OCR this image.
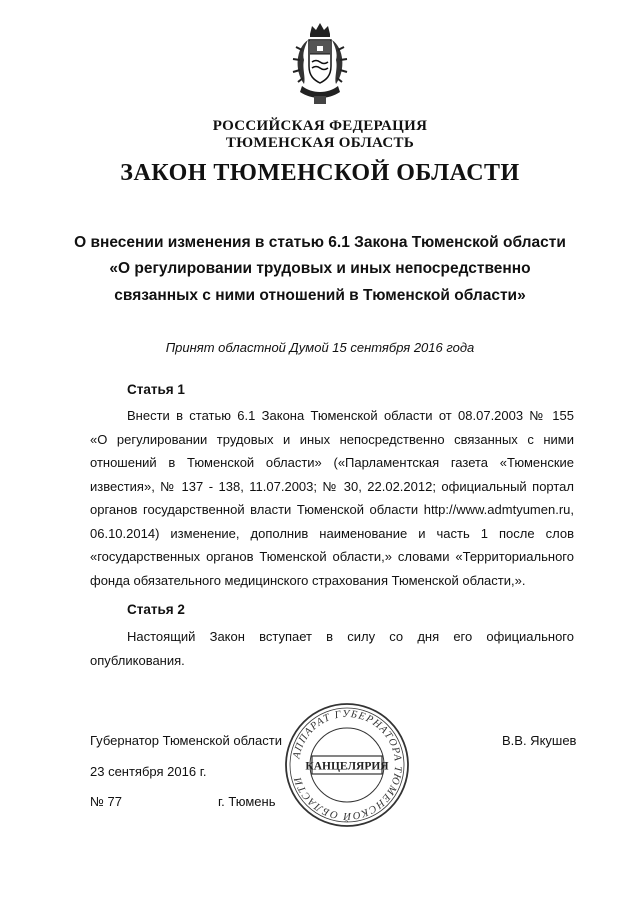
РОССИЙСКАЯ ФЕДЕРАЦИЯ
ТЮМЕНСКАЯ ОБЛАСТЬ
ЗАКОН ТЮМЕНСКОЙ ОБЛАСТИ
О внесении изменения в статью 6.1 Закона Тюменской области
«О регулировании трудовых и иных непосредственно
связанных с ними отношений в Тюменской области»
Принят областной Думой 15 сентября 2016 года
Статья 1
Внести в статью 6.1 Закона Тюменской области от 08.07.2003 № 155
«О регулировании трудовых и иных непосредственно связанных с ними
отношений в Тюменской области» («Парламентская газета «Тюменские
известия», № 137 - 138, 11.07.2003; № 30, 22.02.2012; официальный портал
органов государственной власти Тюменской области http://www.admtyumen.ru,
06.10.2014) изменение, дополнив наименование и часть 1 после слов
«государственных органов Тюменской области,» словами «Территориального
фонда обязательного медицинского страхования Тюменской области,».
Статья 2
Настоящий Закон вступает в силу со дня его официального
опубликования.
Губернатор Тюменской области	В.В. Якушев
23 сентября 2016 г.
№ 77	г. Тюмень
АППАРАТ ГУБЕРНАТОРА ТЮМЕНСКОЙ ОБЛАСТИ
КАНЦЕЛЯРИЯ
